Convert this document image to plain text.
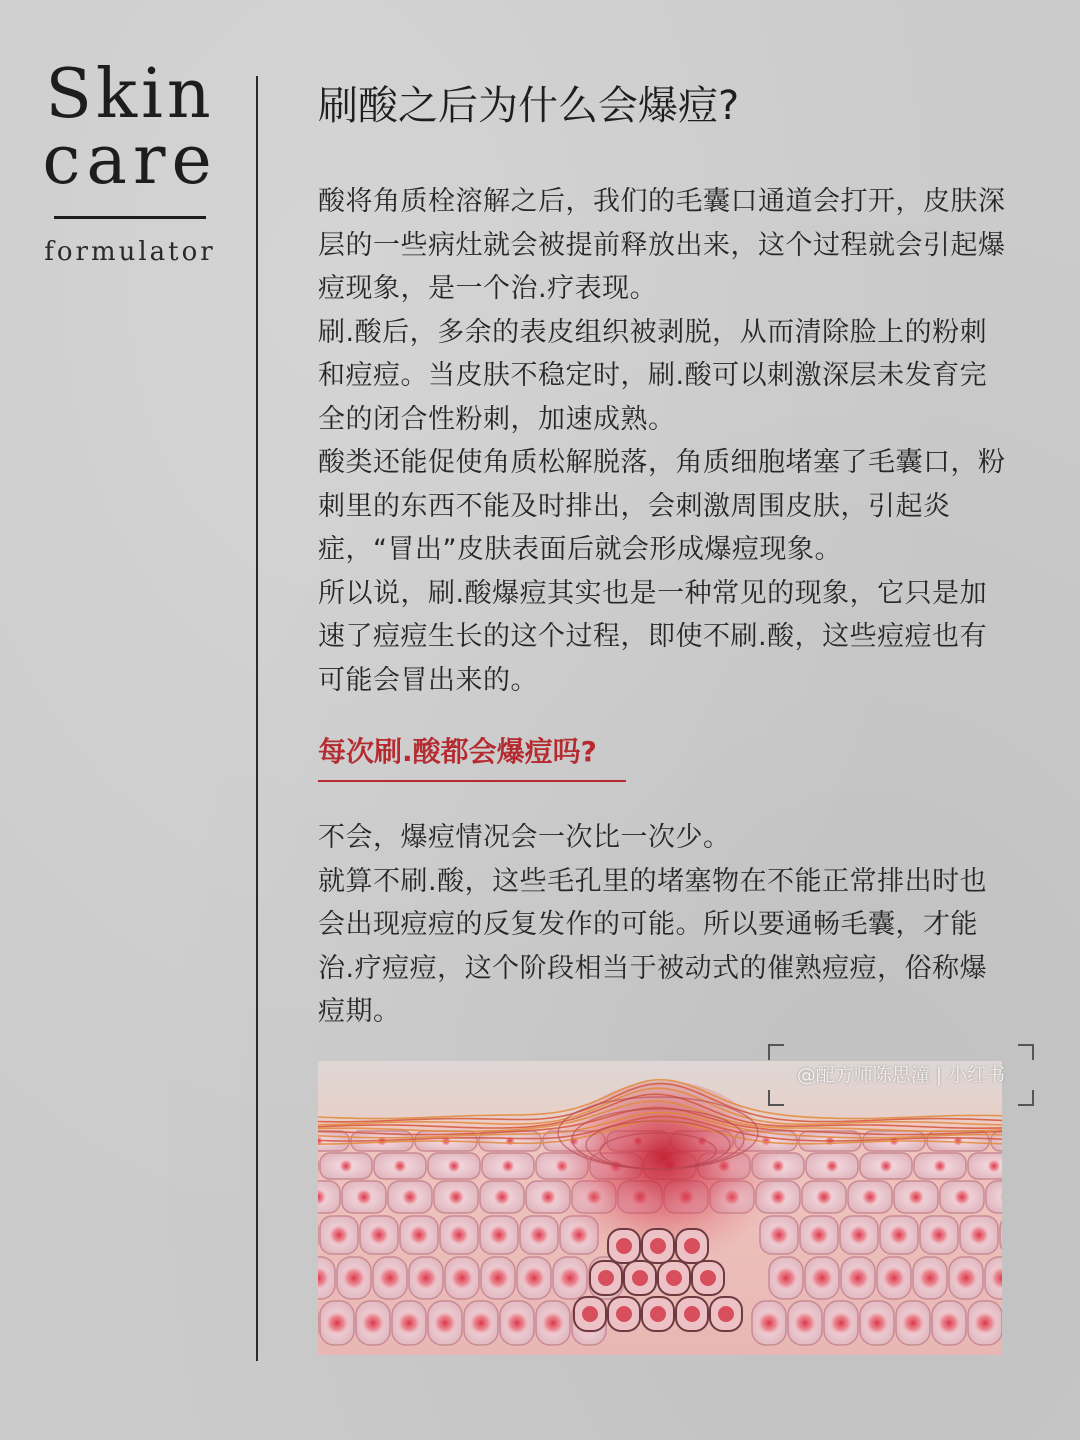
Skin
care
formulator
刷酸之后为什么会爆痘?

酸将角质栓溶解之后，我们的毛囊口通道会打开，皮肤深层的一些病灶就会被提前释放出来，这个过程就会引起爆痘现象，是一个治.疗表现。

刷.酸后，多余的表皮组织被剥脱，从而清除脸上的粉刺和痘痘。当皮肤不稳定时，刷.酸可以刺激深层未发育完全的闭合性粉刺，加速成熟。

酸类还能促使角质松解脱落，角质细胞堵塞了毛囊口，粉刺里的东西不能及时排出，会刺激周围皮肤，引起炎症，“冒出”皮肤表面后就会形成爆痘现象。

所以说，刷.酸爆痘其实也是一种常见的现象，它只是加速了痘痘生长的这个过程，即使不刷.酸，这些痘痘也有可能会冒出来的。

每次刷.酸都会爆痘吗?

不会，爆痘情况会一次比一次少。

就算不刷.酸，这些毛孔里的堵塞物在不能正常排出时也会出现痘痘的反复发作的可能。所以要通畅毛囊，才能治.疗痘痘，这个阶段相当于被动式的催熟痘痘，俗称爆痘期。

@配方师陈思潼 | 小红书
